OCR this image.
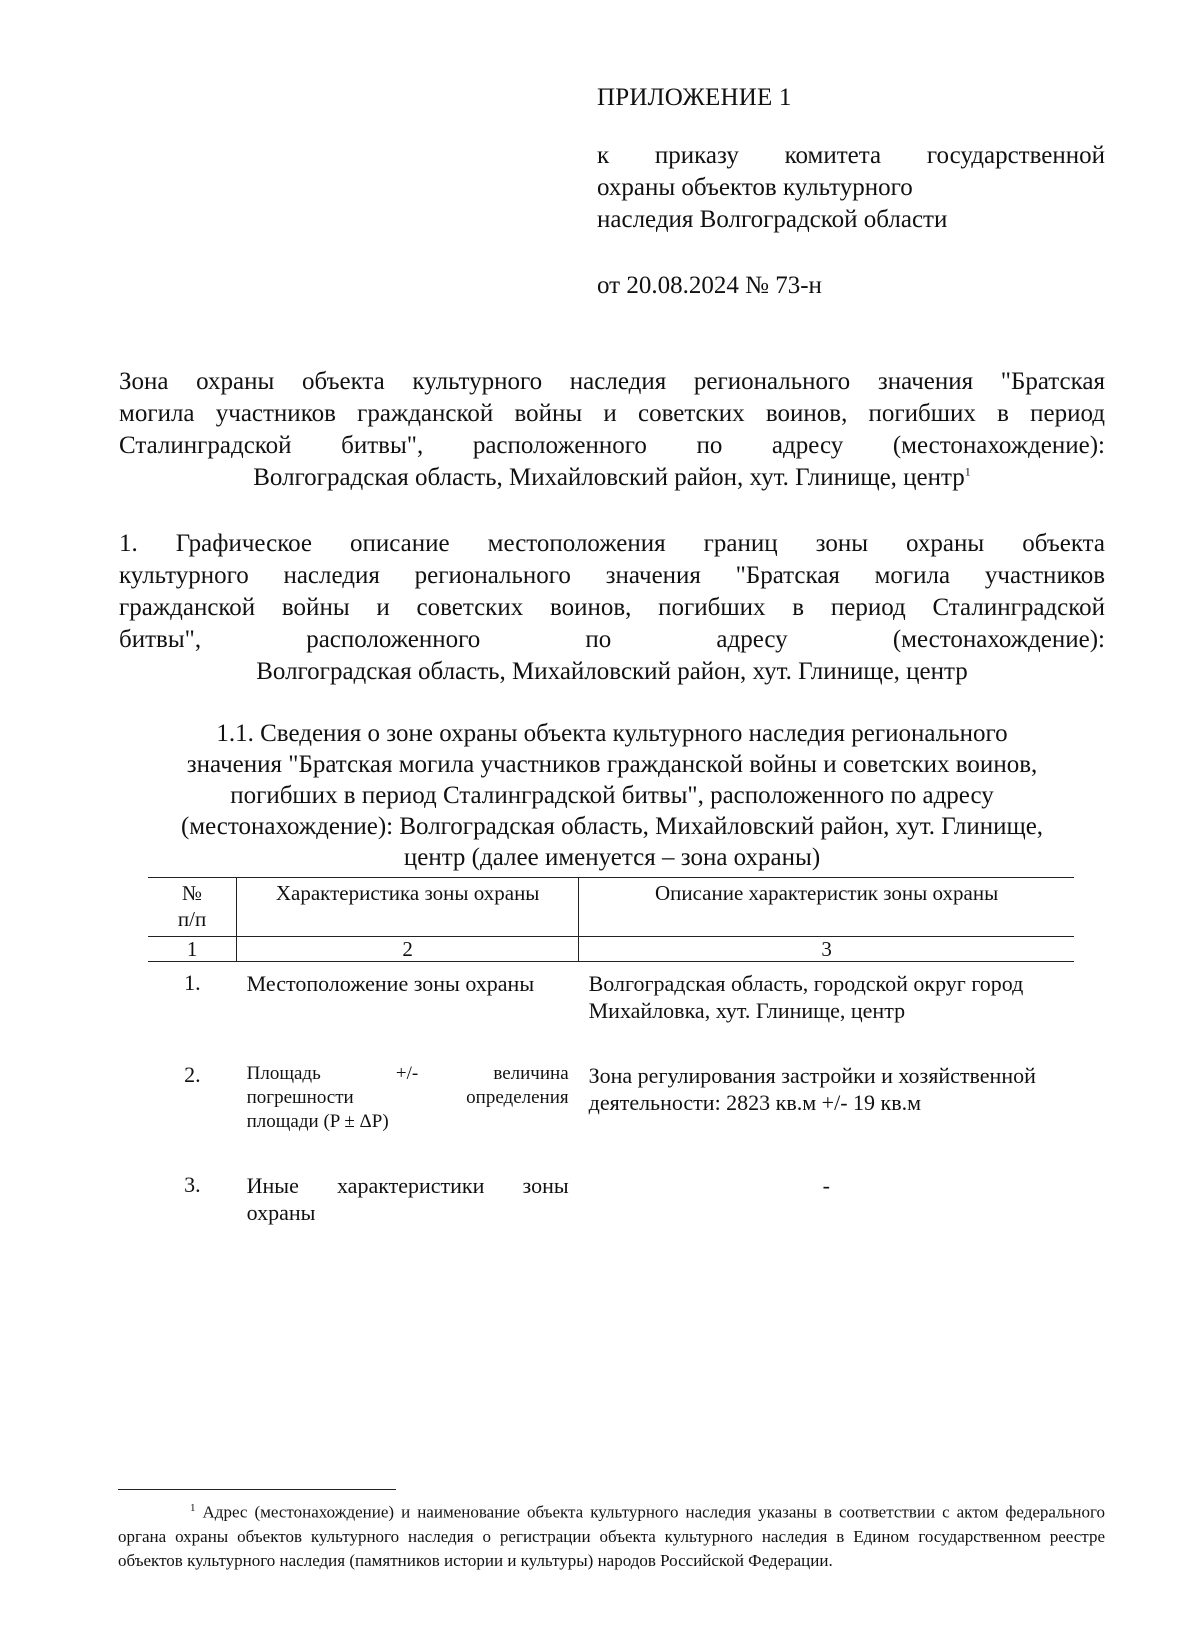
ПРИЛОЖЕНИЕ 1
к приказу комитета государственной
охраны объектов культурного
наследия Волгоградской области
от 20.08.2024 № 73-н
Зона охраны объекта культурного наследия регионального значения "Братская
могила участников гражданской войны и советских воинов, погибших в период
Сталинградской битвы", расположенного по адресу (местонахождение):
Волгоградская область, Михайловский район, хут. Глинище, центр$^1$
1. Графическое описание местоположения границ зоны охраны объекта
культурного наследия регионального значения "Братская могила участников
гражданской войны и советских воинов, погибших в период Сталинградской
битвы", расположенного по адресу (местонахождение):
Волгоградская область, Михайловский район, хут. Глинище, центр
1.1. Сведения о зоне охраны объекта культурного наследия регионального
значения "Братская могила участников гражданской войны и советских воинов,
погибших в период Сталинградской битвы", расположенного по адресу
(местонахождение): Волгоградская область, Михайловский район, хут. Глинище,
центр (далее именуется – зона охраны)
№
п/п	Характеристика зоны охраны	Описание характеристик зоны охраны
1	2	3
1.	Местоположение зоны охраны	Волгоградская область, городской округ город Михайловка, хут. Глинище, центр
2.	Площадь +/- величина
погрешности определения
площади (P ± ΔP)	Зона регулирования застройки и хозяйственной деятельности: 2823 кв.м +/- 19 кв.м
3.	Иные характеристики зоны
охраны	-
$^1$ Адрес (местонахождение) и наименование объекта культурного наследия указаны в соответствии с актом федерального органа охраны объектов культурного наследия о регистрации объекта культурного наследия в Едином государственном реестре объектов культурного наследия (памятников истории и культуры) народов Российской Федерации.
